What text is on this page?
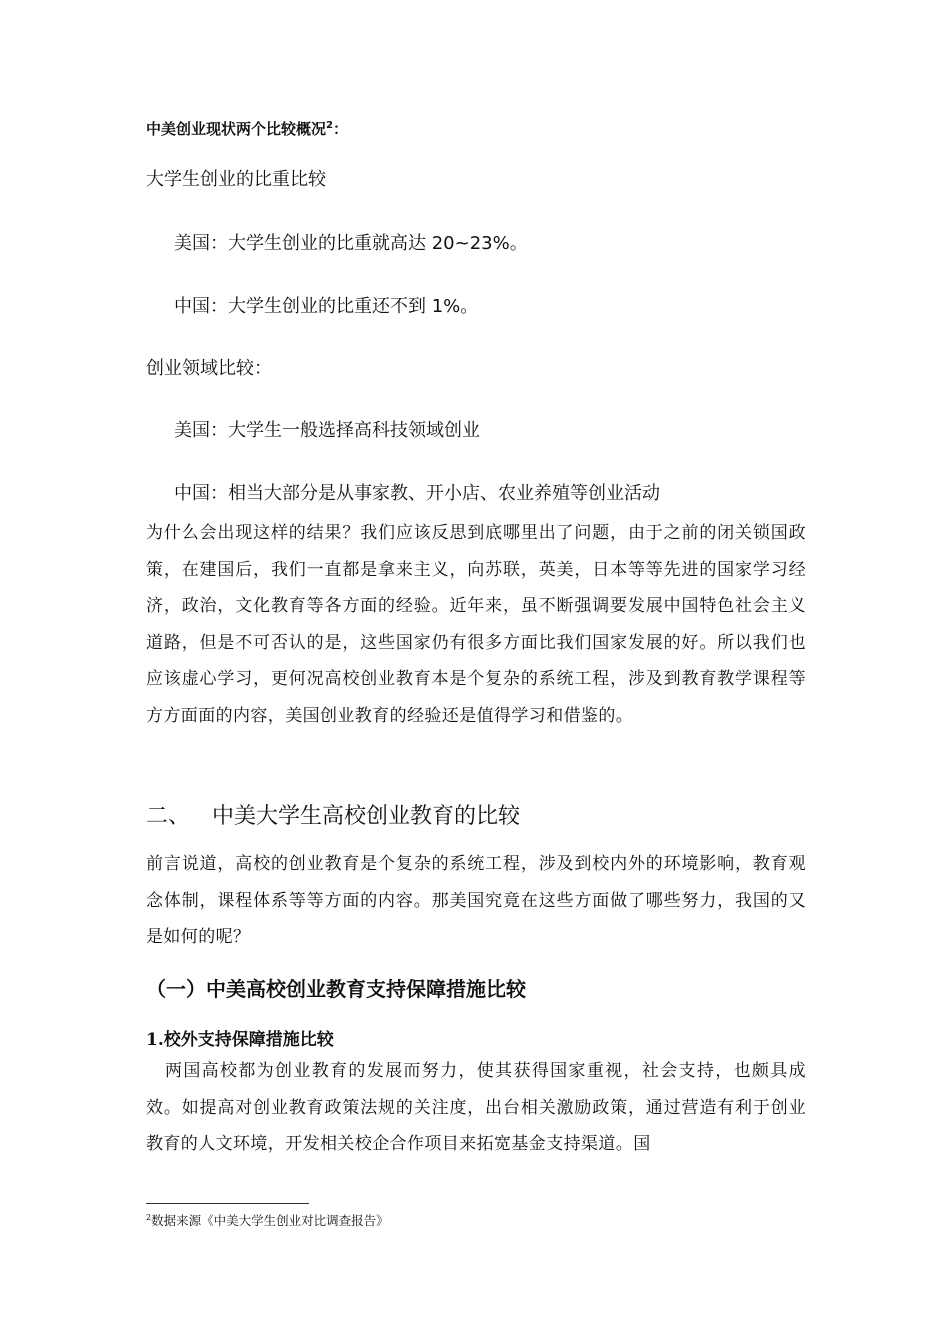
中美创业现状两个比较概况$^2$：
大学生创业的比重比较
美国：大学生创业的比重就高达 20~23%。
中国：大学生创业的比重还不到 1%。
创业领域比较：
美国：大学生一般选择高科技领域创业
中国：相当大部分是从事家教、开小店、农业养殖等创业活动

为什么会出现这样的结果？我们应该反思到底哪里出了问题，由于之前的闭关锁国政策，在建国后，我们一直都是拿来主义，向苏联，英美，日本等等先进的国家学习经济，政治，文化教育等各方面的经验。近年来，虽不断强调要发展中国特色社会主义道路，但是不可否认的是，这些国家仍有很多方面比我们国家发展的好。所以我们也应该虚心学习，更何况高校创业教育本是个复杂的系统工程，涉及到教育教学课程等方方面面的内容，美国创业教育的经验还是值得学习和借鉴的。

二、 中美大学生高校创业教育的比较

前言说道，高校的创业教育是个复杂的系统工程，涉及到校内外的环境影响，教育观念体制，课程体系等等方面的内容。那美国究竟在这些方面做了哪些努力，我国的又是如何的呢？

（一）中美高校创业教育支持保障措施比较
1.校外支持保障措施比较

两国高校都为创业教育的发展而努力，使其获得国家重视，社会支持，也颇具成效。如提高对创业教育政策法规的关注度，出台相关激励政策，通过营造有利于创业教育的人文环境，开发相关校企合作项目来拓宽基金支持渠道。国

$^2$数据来源《中美大学生创业对比调查报告》
